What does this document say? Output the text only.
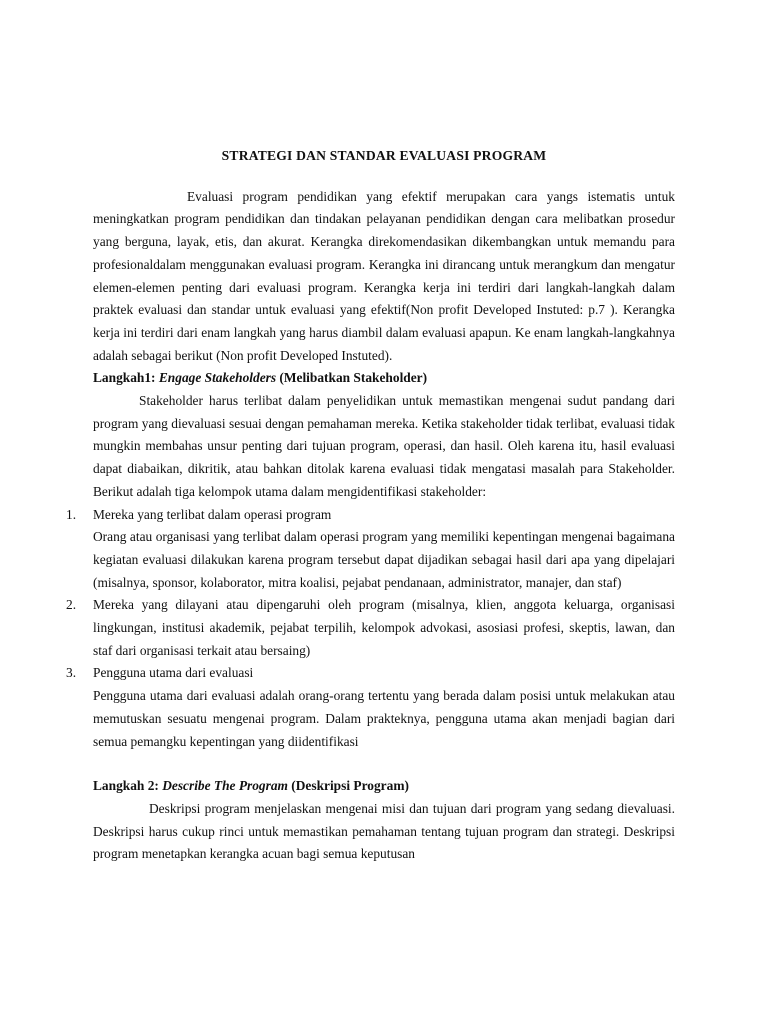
STRATEGI DAN STANDAR EVALUASI PROGRAM

Evaluasi program pendidikan yang efektif merupakan cara yangs istematis untuk meningkatkan program pendidikan dan tindakan pelayanan pendidikan dengan cara melibatkan prosedur yang berguna, layak, etis, dan akurat. Kerangka direkomendasikan dikembangkan untuk memandu para profesionaldalam menggunakan evaluasi program. Kerangka ini dirancang untuk merangkum dan mengatur elemen-elemen penting dari evaluasi program. Kerangka kerja ini terdiri dari langkah-langkah dalam praktek evaluasi dan standar untuk evaluasi yang efektif(Non profit Developed Instuted: p.7 ). Kerangka kerja ini terdiri dari enam langkah yang harus diambil dalam evaluasi apapun. Ke enam langkah-langkahnya adalah sebagai berikut (Non profit Developed Instuted).

Langkah1: Engage Stakeholders (Melibatkan Stakeholder)

Stakeholder harus terlibat dalam penyelidikan untuk memastikan mengenai sudut pandang dari program yang dievaluasi sesuai dengan pemahaman mereka. Ketika stakeholder tidak terlibat, evaluasi tidak mungkin membahas unsur penting dari tujuan program, operasi, dan hasil. Oleh karena itu, hasil evaluasi dapat diabaikan, dikritik, atau bahkan ditolak karena evaluasi tidak mengatasi masalah para Stakeholder. Berikut adalah tiga kelompok utama dalam mengidentifikasi stakeholder:

1. Mereka yang terlibat dalam operasi program

Orang atau organisasi yang terlibat dalam operasi program yang memiliki kepentingan mengenai bagaimana kegiatan evaluasi dilakukan karena program tersebut dapat dijadikan sebagai hasil dari apa yang dipelajari (misalnya, sponsor, kolaborator, mitra koalisi, pejabat pendanaan, administrator, manajer, dan staf)

2. Mereka yang dilayani atau dipengaruhi oleh program (misalnya, klien, anggota keluarga, organisasi lingkungan, institusi akademik, pejabat terpilih, kelompok advokasi, asosiasi profesi, skeptis, lawan, dan staf dari organisasi terkait atau bersaing)

3. Pengguna utama dari evaluasi

Pengguna utama dari evaluasi adalah orang-orang tertentu yang berada dalam posisi untuk melakukan atau memutuskan sesuatu mengenai program. Dalam prakteknya, pengguna utama akan menjadi bagian dari semua pemangku kepentingan yang diidentifikasi

Langkah 2: Describe The Program (Deskripsi Program)

Deskripsi program menjelaskan mengenai misi dan tujuan dari program yang sedang dievaluasi. Deskripsi harus cukup rinci untuk memastikan pemahaman tentang tujuan program dan strategi. Deskripsi program menetapkan kerangka acuan bagi semua keputusan
